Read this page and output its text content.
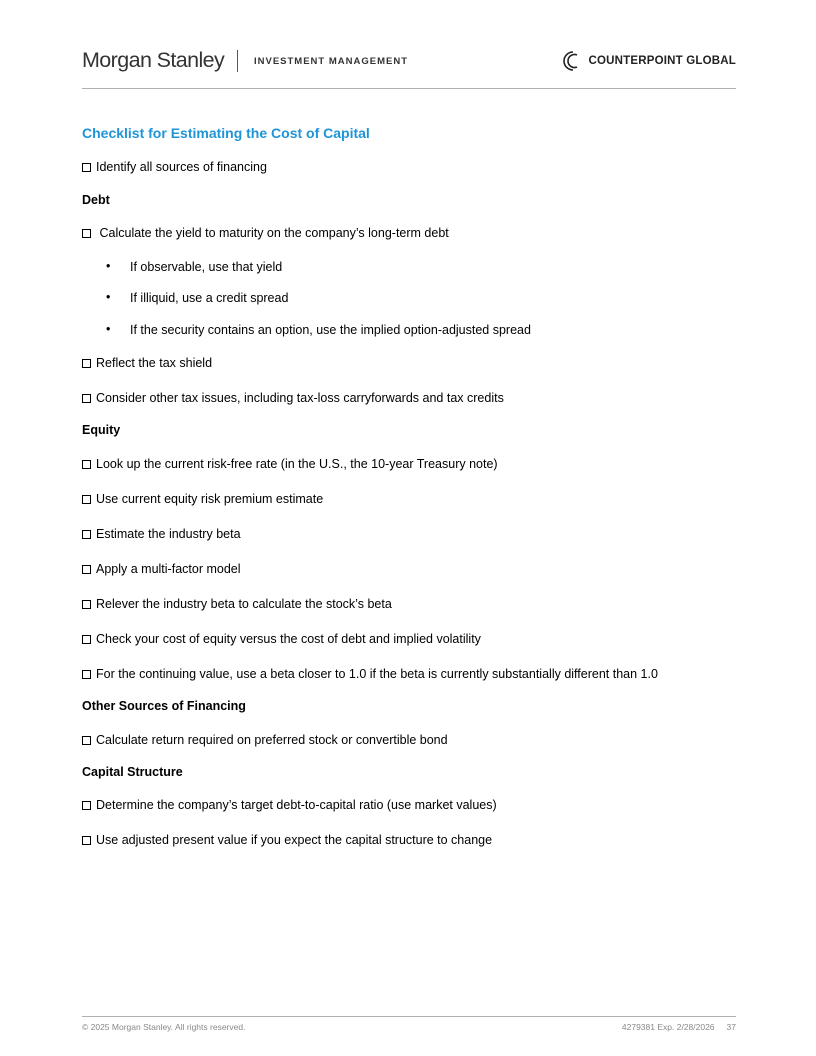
Morgan Stanley	INVESTMENT MANAGEMENT	COUNTERPOINT GLOBAL
Checklist for Estimating the Cost of Capital
Identify all sources of financing
Debt
Calculate the yield to maturity on the company’s long-term debt
• If observable, use that yield
• If illiquid, use a credit spread
• If the security contains an option, use the implied option-adjusted spread
Reflect the tax shield
Consider other tax issues, including tax-loss carryforwards and tax credits
Equity
Look up the current risk-free rate (in the U.S., the 10-year Treasury note)
Use current equity risk premium estimate
Estimate the industry beta
Apply a multi-factor model
Relever the industry beta to calculate the stock’s beta
Check your cost of equity versus the cost of debt and implied volatility
For the continuing value, use a beta closer to 1.0 if the beta is currently substantially different than 1.0
Other Sources of Financing
Calculate return required on preferred stock or convertible bond
Capital Structure
Determine the company’s target debt-to-capital ratio (use market values)
Use adjusted present value if you expect the capital structure to change
© 2025 Morgan Stanley. All rights reserved.	4279381 Exp. 2/28/2026 37
